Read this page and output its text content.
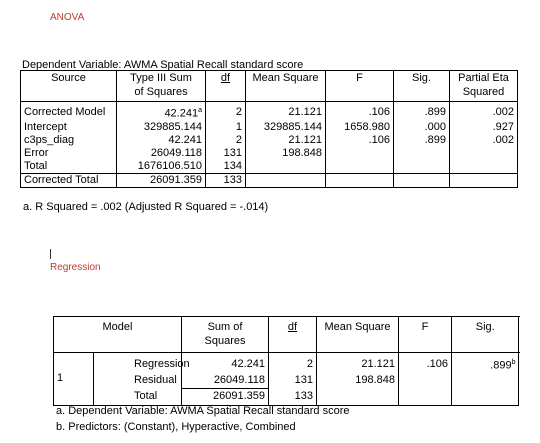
ANOVA
Dependent Variable: AWMA Spatial Recall standard score
Source	Type III Sum
of Squares	df	Mean Square	F	Sig.	Partial Eta
Squared
Corrected Model	42.241$^a$	2	21.121	.106	.899	.002
Intercept	329885.144	1	329885.144	1658.980	.000	.927
c3ps_diag	42.241	2	21.121	.106	.899	.002
Error	26049.118	131	198.848			
Total	1676106.510	134				
Corrected Total	26091.359	133				
a. R Squared = .002 (Adjusted R Squared = -.014)
Regression
Model		Sum of
Squares	df	Mean Square	F	Sig.	
1	Regression	42.241	2	21.121	.106	.899$^b$
	Residual	26049.118	131	198.848			
	Total	26091.359	133				
a. Dependent Variable: AWMA Spatial Recall standard score
b. Predictors: (Constant), Hyperactive, Combined
